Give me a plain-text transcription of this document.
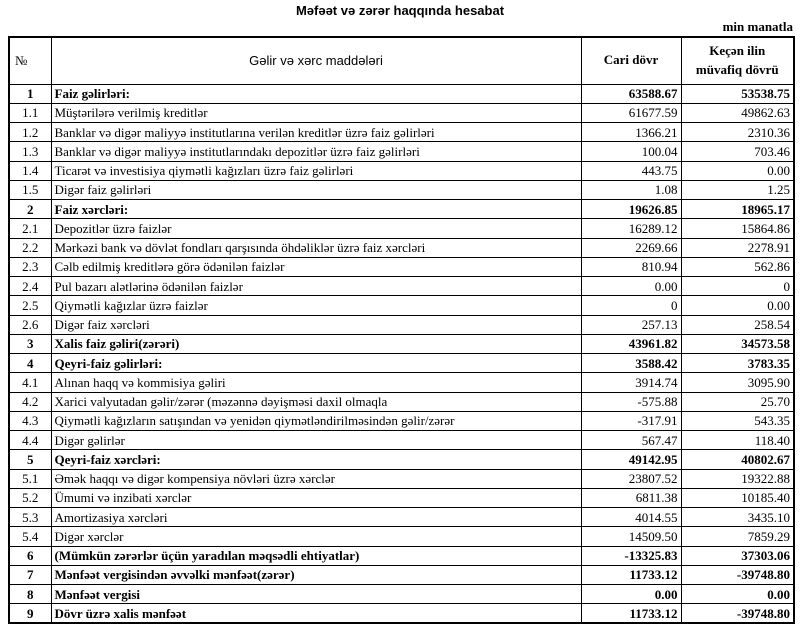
Məfəət və zərər haqqında hesabat
min manatla
№	Gəlir və xərc maddələri	Cari dövr	Keçən ilin müvafiq dövrü
1	Faiz gəlirləri:	63588.67	53538.75
1.1	Müştərilərə verilmiş kreditlər	61677.59	49862.63
1.2	Banklar və digər maliyyə institutlarına verilən kreditlər üzrə faiz gəlirləri	1366.21	2310.36
1.3	Banklar və digər maliyyə institutlarındakı depozitlər üzrə faiz gəlirləri	100.04	703.46
1.4	Ticarət və investisiya qiymətli kağızları üzrə faiz gəlirləri	443.75	0.00
1.5	Digər faiz gəlirləri	1.08	1.25
2	Faiz xərcləri:	19626.85	18965.17
2.1	Depozitlər üzrə faizlər	16289.12	15864.86
2.2	Mərkəzi bank və dövlət fondları qarşısında öhdəliklər üzrə faiz xərcləri	2269.66	2278.91
2.3	Cəlb edilmiş kreditlərə görə ödənilən faizlər	810.94	562.86
2.4	Pul bazarı alətlərinə ödənilən faizlər	0.00	0
2.5	Qiymətli kağızlar üzrə faizlər	0	0.00
2.6	Digər faiz xərcləri	257.13	258.54
3	Xalis faiz gəliri(zərəri)	43961.82	34573.58
4	Qeyri-faiz gəlirləri:	3588.42	3783.35
4.1	Alınan haqq və kommisiya gəliri	3914.74	3095.90
4.2	Xarici valyutadan gəlir/zərər (məzənnə dəyişməsi daxil olmaqla	-575.88	25.70
4.3	Qiymətli kağızların satışından və yenidən qiymətləndirilməsindən gəlir/zərər	-317.91	543.35
4.4	Digər gəlirlər	567.47	118.40
5	Qeyri-faiz xərcləri:	49142.95	40802.67
5.1	Əmək haqqı və digər kompensiya növləri üzrə xərclər	23807.52	19322.88
5.2	Ümumi və inzibati xərclər	6811.38	10185.40
5.3	Amortizasiya xərcləri	4014.55	3435.10
5.4	Digər xərclər	14509.50	7859.29
6	(Mümkün zərərlər üçün yaradılan məqsədli ehtiyatlar)	-13325.83	37303.06
7	Mənfəət vergisindən əvvəlki mənfəət(zərər)	11733.12	-39748.80
8	Mənfəət vergisi	0.00	0.00
9	Dövr üzrə xalis mənfəət	11733.12	-39748.80
